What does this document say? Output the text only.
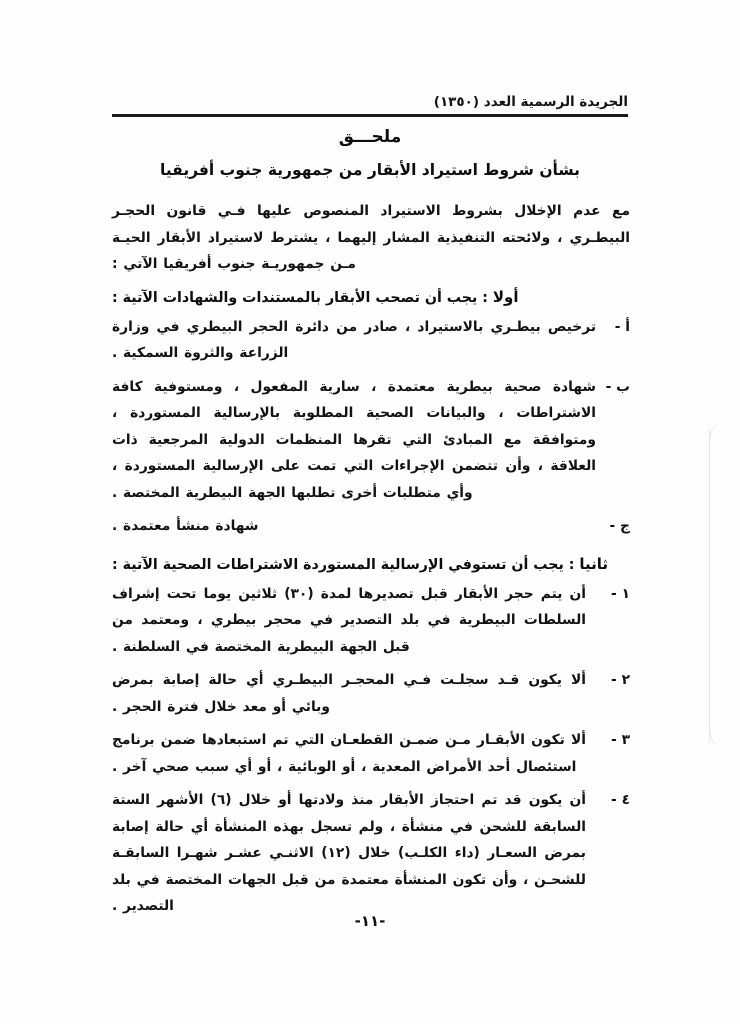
الجريدة الرسمية العدد (١٣٥٠)
ملحـــق
بشأن شروط استيراد الأبقار من جمهورية جنوب أفريقيا

مع عدم الإخلال بشروط الاستيراد المنصوص عليها فـي قانون الحجـر البيطـري ، ولائحته التنفيذية المشار إليهما ، يشترط لاستيراد الأبقار الحيـة مـن جمهوريـة جنوب أفريقيا الآتي :

أولا : يجب أن تصحب الأبقار بالمستندات والشهادات الآتية :
أ -
ترخيص بيطـري بالاستيراد ، صادر من دائرة الحجر البيطري في وزارة الزراعة والثروة السمكية .
ب -
شهادة صحية بيطرية معتمدة ، سارية المفعول ، ومستوفية كافة الاشتراطات ، والبيانات الصحية المطلوبة بالإرسالية المستوردة ، ومتوافقة مع المبادئ التي تقرها المنظمات الدولية المرجعية ذات العلاقة ، وأن تتضمن الإجراءات التي تمت على الإرسالية المستوردة ، وأي متطلبات أخرى تطلبها الجهة البيطرية المختصة .
ج -
شهادة منشأ معتمدة .
ثانيا : يجب أن تستوفي الإرسالية المستوردة الاشتراطات الصحية الآتية :
١ -
أن يتم حجر الأبقار قبل تصديرها لمدة (٣٠) ثلاثين يوما تحت إشراف السلطات البيطرية في بلد التصدير في محجر بيطري ، ومعتمد من قبل الجهة البيطرية المختصة في السلطنة .
٢ -
ألا يكون قـد سجلـت فـي المحجـر البيطـري أي حالة إصابة بمرض وبائي أو معد خلال فترة الحجر .
٣ -
ألا تكون الأبقـار مـن ضمـن القطعـان التي تم استبعادها ضمن برنامج استئصال أحد الأمراض المعدية ، أو الوبائية ، أو أي سبب صحي آخر .
٤ -
أن يكون قد تم احتجاز الأبقار منذ ولادتها أو خلال (٦) الأشهر الستة السابقة للشحن في منشأة ، ولم تسجل بهذه المنشأة أي حالة إصابة بمرض السعـار (داء الكلـب) خلال (١٢) الاثنـي عشـر شهـرا السابقـة للشحـن ، وأن تكون المنشأة معتمدة من قبل الجهات المختصة في بلد التصدير .
-١١-
